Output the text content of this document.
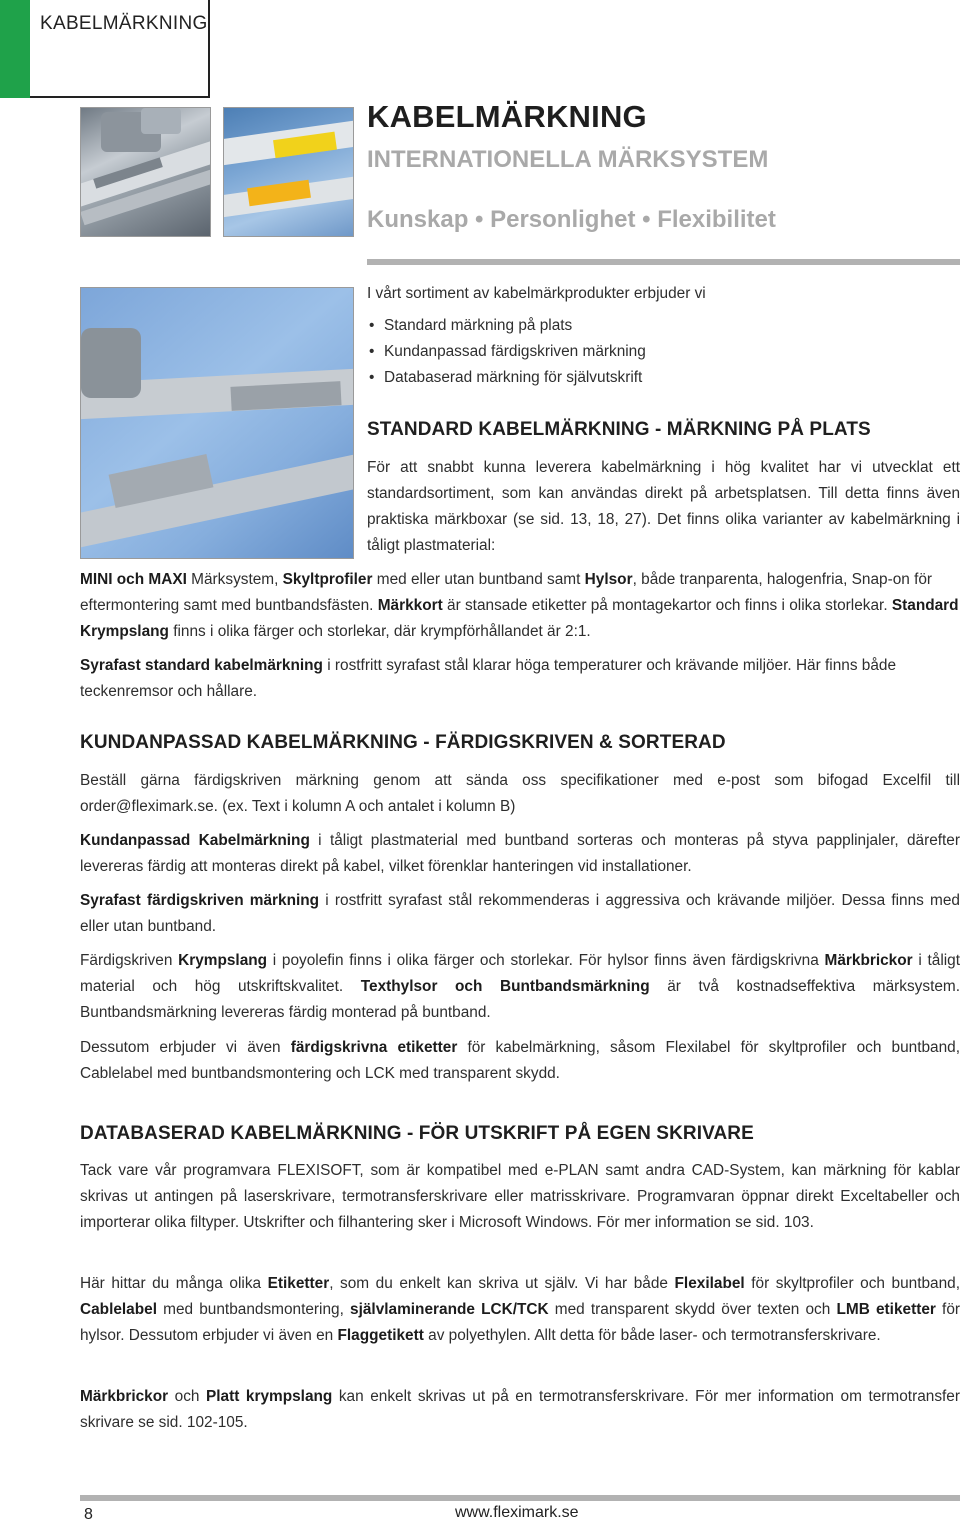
KABELMÄRKNING
KABELMÄRKNING
INTERNATIONELLA MÄRKSYSTEM
Kunskap • Personlighet • Flexibilitet
I vårt sortiment av kabelmärkprodukter erbjuder vi
• Standard märkning på plats
• Kundanpassad färdigskriven märkning
• Databaserad märkning för självutskrift
STANDARD KABELMÄRKNING - MÄRKNING PÅ PLATS
För att snabbt kunna leverera kabelmärkning i hög kvalitet har vi utvecklat ett standardsortiment, som kan användas direkt på arbetsplatsen. Till detta finns även praktiska märkboxar (se sid. 13, 18, 27). Det finns olika varianter av kabelmärkning i tåligt plastmaterial:
MINI och MAXI Märksystem, Skyltprofiler med eller utan buntband samt Hylsor, både tranparenta, halogenfria, Snap-on för eftermontering samt med buntbandsfästen. Märkkort är stansade etiketter på montagekartor och finns i olika storlekar. Standard Krympslang finns i olika färger och storlekar, där krympförhållandet är 2:1.
Syrafast standard kabelmärkning i rostfritt syrafast stål klarar höga temperaturer och krävande miljöer. Här finns både teckenremsor och hållare.
KUNDANPASSAD KABELMÄRKNING - FÄRDIGSKRIVEN & SORTERAD
Beställ gärna färdigskriven märkning genom att sända oss specifikationer med e-post som bifogad Excelfil till order@fleximark.se. (ex. Text i kolumn A och antalet i kolumn B)
Kundanpassad Kabelmärkning i tåligt plastmaterial med buntband sorteras och monteras på styva papplinjaler, därefter levereras färdig att monteras direkt på kabel, vilket förenklar hanteringen vid installationer.
Syrafast färdigskriven märkning i rostfritt syrafast stål rekommenderas i aggressiva och krävande miljöer. Dessa finns med eller utan buntband.
Färdigskriven Krympslang i poyolefin finns i olika färger och storlekar. För hylsor finns även färdigskrivna Märkbrickor i tåligt material och hög utskriftskvalitet. Texthylsor och Buntbandsmärkning är två kostnadseffektiva märksystem. Buntbandsmärkning levereras färdig monterad på buntband.
Dessutom erbjuder vi även färdigskrivna etiketter för kabelmärkning, såsom Flexilabel för skyltprofiler och buntband, Cablelabel med buntbandsmontering och LCK med transparent skydd.
DATABASERAD KABELMÄRKNING - FÖR UTSKRIFT PÅ EGEN SKRIVARE
Tack vare vår programvara FLEXISOFT, som är kompatibel med e-PLAN samt andra CAD-System, kan märkning för kablar skrivas ut antingen på laserskrivare, termotransferskrivare eller matrisskrivare. Programvaran öppnar direkt Exceltabeller och importerar olika filtyper. Utskrifter och filhantering sker i Microsoft Windows. För mer information se sid. 103.
Här hittar du många olika Etiketter, som du enkelt kan skriva ut själv. Vi har både Flexilabel för skyltprofiler och buntband, Cablelabel med buntbandsmontering, självlaminerande LCK/TCK med transparent skydd över texten och LMB etiketter för hylsor. Dessutom erbjuder vi även en Flaggetikett av polyethylen. Allt detta för både laser- och termotransferskrivare.
Märkbrickor och Platt krympslang kan enkelt skrivas ut på en termotransferskrivare. För mer information om termotransfer skrivare se sid. 102-105.
8	www.fleximark.se
